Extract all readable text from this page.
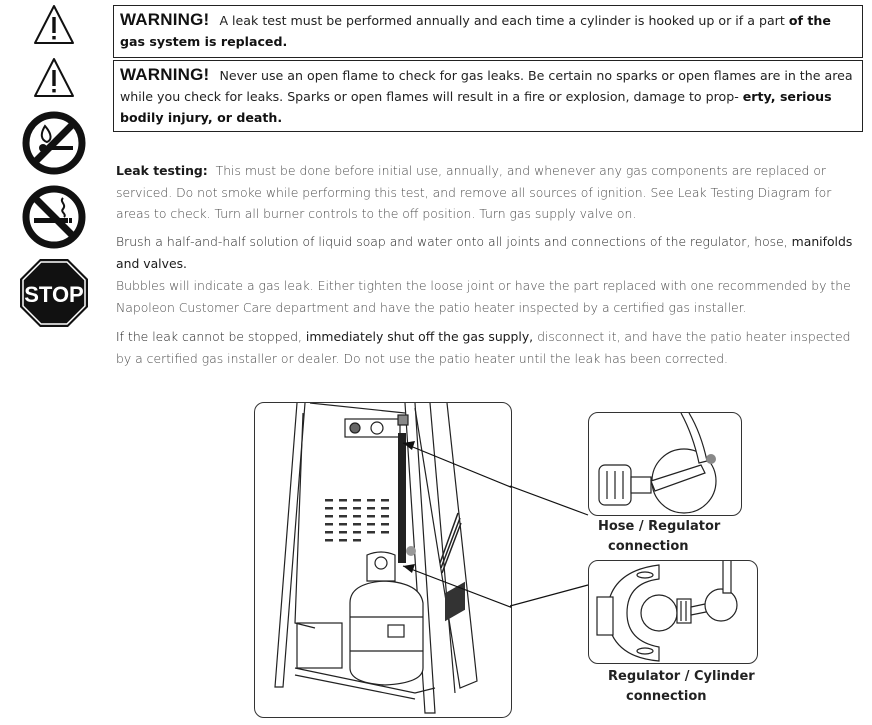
STOP
WARNING! A leak test must be performed annually and each time a cylinder is hooked up or if a part of the gas system is replaced.
WARNING! Never use an open flame to check for gas leaks. Be certain no sparks or open flames are in the area while you check for leaks. Sparks or open flames will result in a fire or explosion, damage to prop- erty, serious bodily injury, or death.
Leak testing: This must be done before initial use, annually, and whenever any gas components are replaced or serviced. Do not smoke while performing this test, and remove all sources of ignition. See Leak Testing Diagram for areas to check. Turn all burner controls to the off position. Turn gas supply valve on.
Brush a half-and-half solution of liquid soap and water onto all joints and connections of the regulator, hose, manifolds and valves.
Bubbles will indicate a gas leak. Either tighten the loose joint or have the part replaced with one recommended by the Napoleon Customer Care department and have the patio heater inspected by a certified gas installer.
If the leak cannot be stopped, immediately shut off the gas supply, disconnect it, and have the patio heater inspected by a certified gas installer or dealer. Do not use the patio heater until the leak has been corrected.
Hose / Regulator
connection
Regulator / Cylinder
connection
